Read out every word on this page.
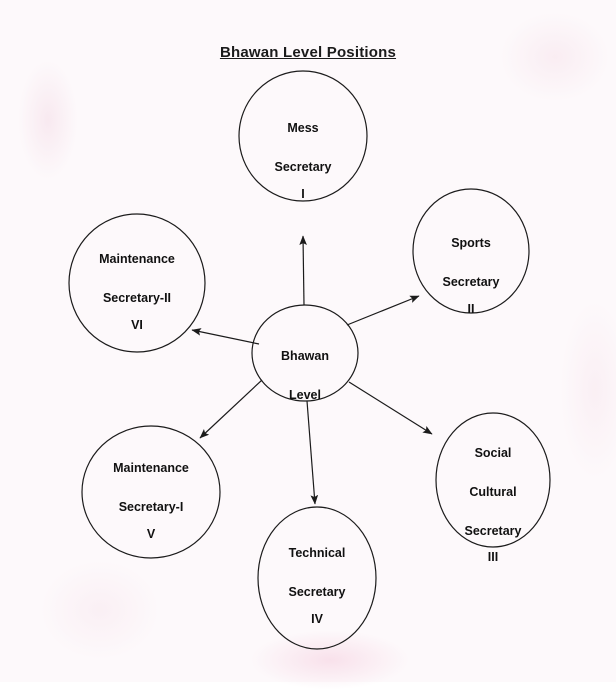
Bhawan Level Positions

Bhawan

Level

Mess

Secretary

I

Sports

Secretary

II

Social

Cultural

Secretary

III

Technical

Secretary

IV

Maintenance

Secretary-I

V

Maintenance

Secretary-II

VI
